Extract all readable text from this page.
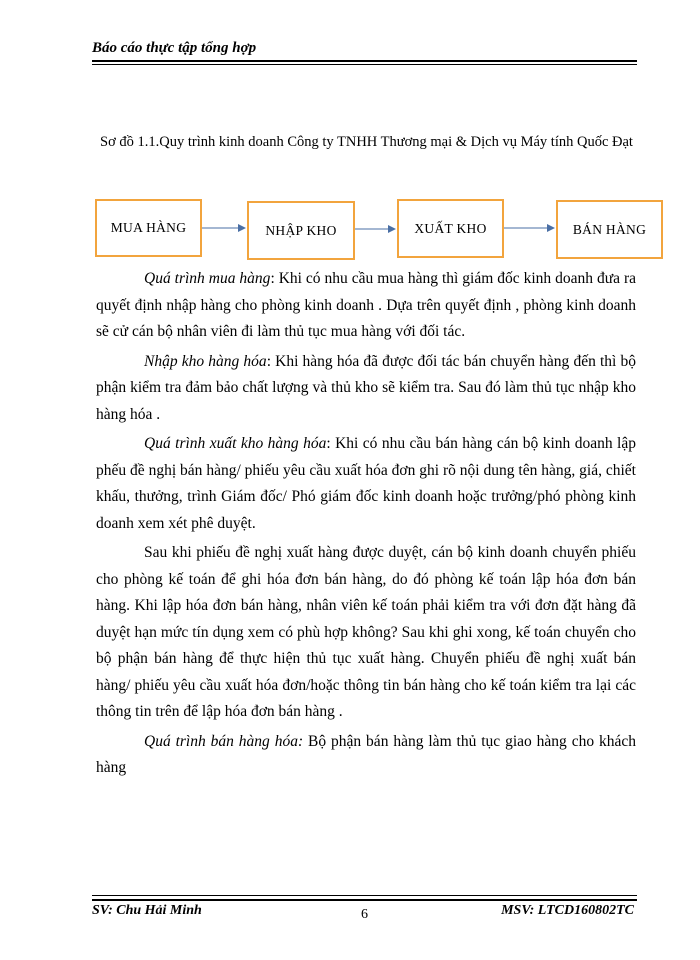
Báo cáo thực tập tổng hợp
Sơ đồ 1.1.Quy trình kinh doanh Công ty TNHH Thương mại & Dịch vụ Máy tính Quốc Đạt
MUA HÀNG	NHẬP KHO	XUẤT KHO	BÁN HÀNG

Quá trình mua hàng: Khi có nhu cầu mua hàng thì giám đốc kinh doanh đưa ra quyết định nhập hàng cho phòng kinh doanh . Dựa trên quyết định , phòng kinh doanh sẽ cử cán bộ nhân viên đi làm thủ tục mua hàng với đối tác.

Nhập kho hàng hóa: Khi hàng hóa đã được đối tác bán chuyển hàng đến thì bộ phận kiểm tra đảm bảo chất lượng và thủ kho sẽ kiểm tra. Sau đó làm thủ tục nhập kho hàng hóa .

Quá trình xuất kho hàng hóa: Khi có nhu cầu bán hàng cán bộ kinh doanh lập phếu đề nghị bán hàng/ phiếu yêu cầu xuất hóa đơn ghi rõ nội dung tên hàng, giá, chiết khấu, thưởng, trình Giám đốc/ Phó giám đốc kinh doanh hoặc trưởng/phó phòng kinh doanh xem xét phê duyệt.

Sau khi phiếu đề nghị xuất hàng được duyệt, cán bộ kinh doanh chuyển phiếu cho phòng kế toán để ghi hóa đơn bán hàng, do đó phòng kế toán lập hóa đơn bán hàng. Khi lập hóa đơn bán hàng, nhân viên kế toán phải kiểm tra với đơn đặt hàng đã duyệt hạn mức tín dụng xem có phù hợp không? Sau khi ghi xong, kế toán chuyển cho bộ phận bán hàng để thực hiện thủ tục xuất hàng. Chuyển phiếu đề nghị xuất bán hàng/ phiếu yêu cầu xuất hóa đơn/hoặc thông tin bán hàng cho kế toán kiểm tra lại các thông tin trên để lập hóa đơn bán hàng .

Quá trình bán hàng hóa: Bộ phận bán hàng làm thủ tục giao hàng cho khách hàng

SV: Chu Hải Minh	6	MSV: LTCD160802TC
